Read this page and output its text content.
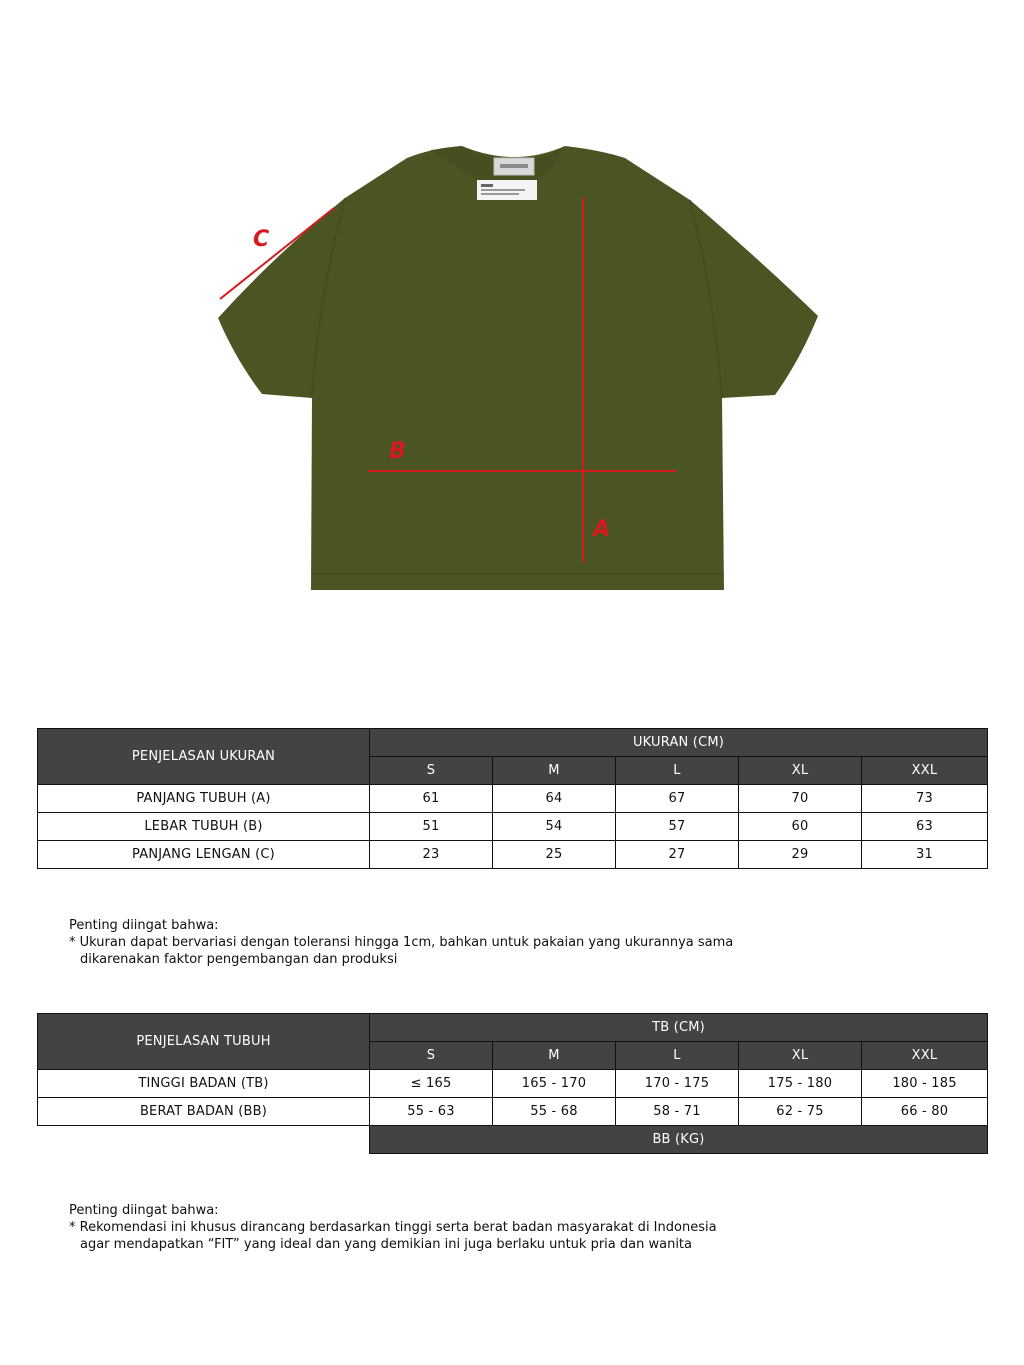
A
B
C
PENJELASAN UKURAN	UKURAN (CM)				
	S	M	L	XL	XXL
PANJANG TUBUH (A)	61	64	67	70	73
LEBAR TUBUH (B)	51	54	57	60	63
PANJANG LENGAN (C)	23	25	27	29	31

Penting diingat bahwa:

* Ukuran dapat bervariasi dengan toleransi hingga 1cm, bahkan untuk pakaian yang ukurannya sama

dikarenakan faktor pengembangan dan produksi

PENJELASAN TUBUH	TB (CM)				
	S	M	L	XL	XXL
TINGGI BADAN (TB)	≤ 165	165 - 170	170 - 175	175 - 180	180 - 185
BERAT BADAN (BB)	55 - 63	55 - 68	58 - 71	62 - 75	66 - 80
	BB (KG)				

Penting diingat bahwa:

* Rekomendasi ini khusus dirancang berdasarkan tinggi serta berat badan masyarakat di Indonesia

agar mendapatkan “FIT” yang ideal dan yang demikian ini juga berlaku untuk pria dan wanita
